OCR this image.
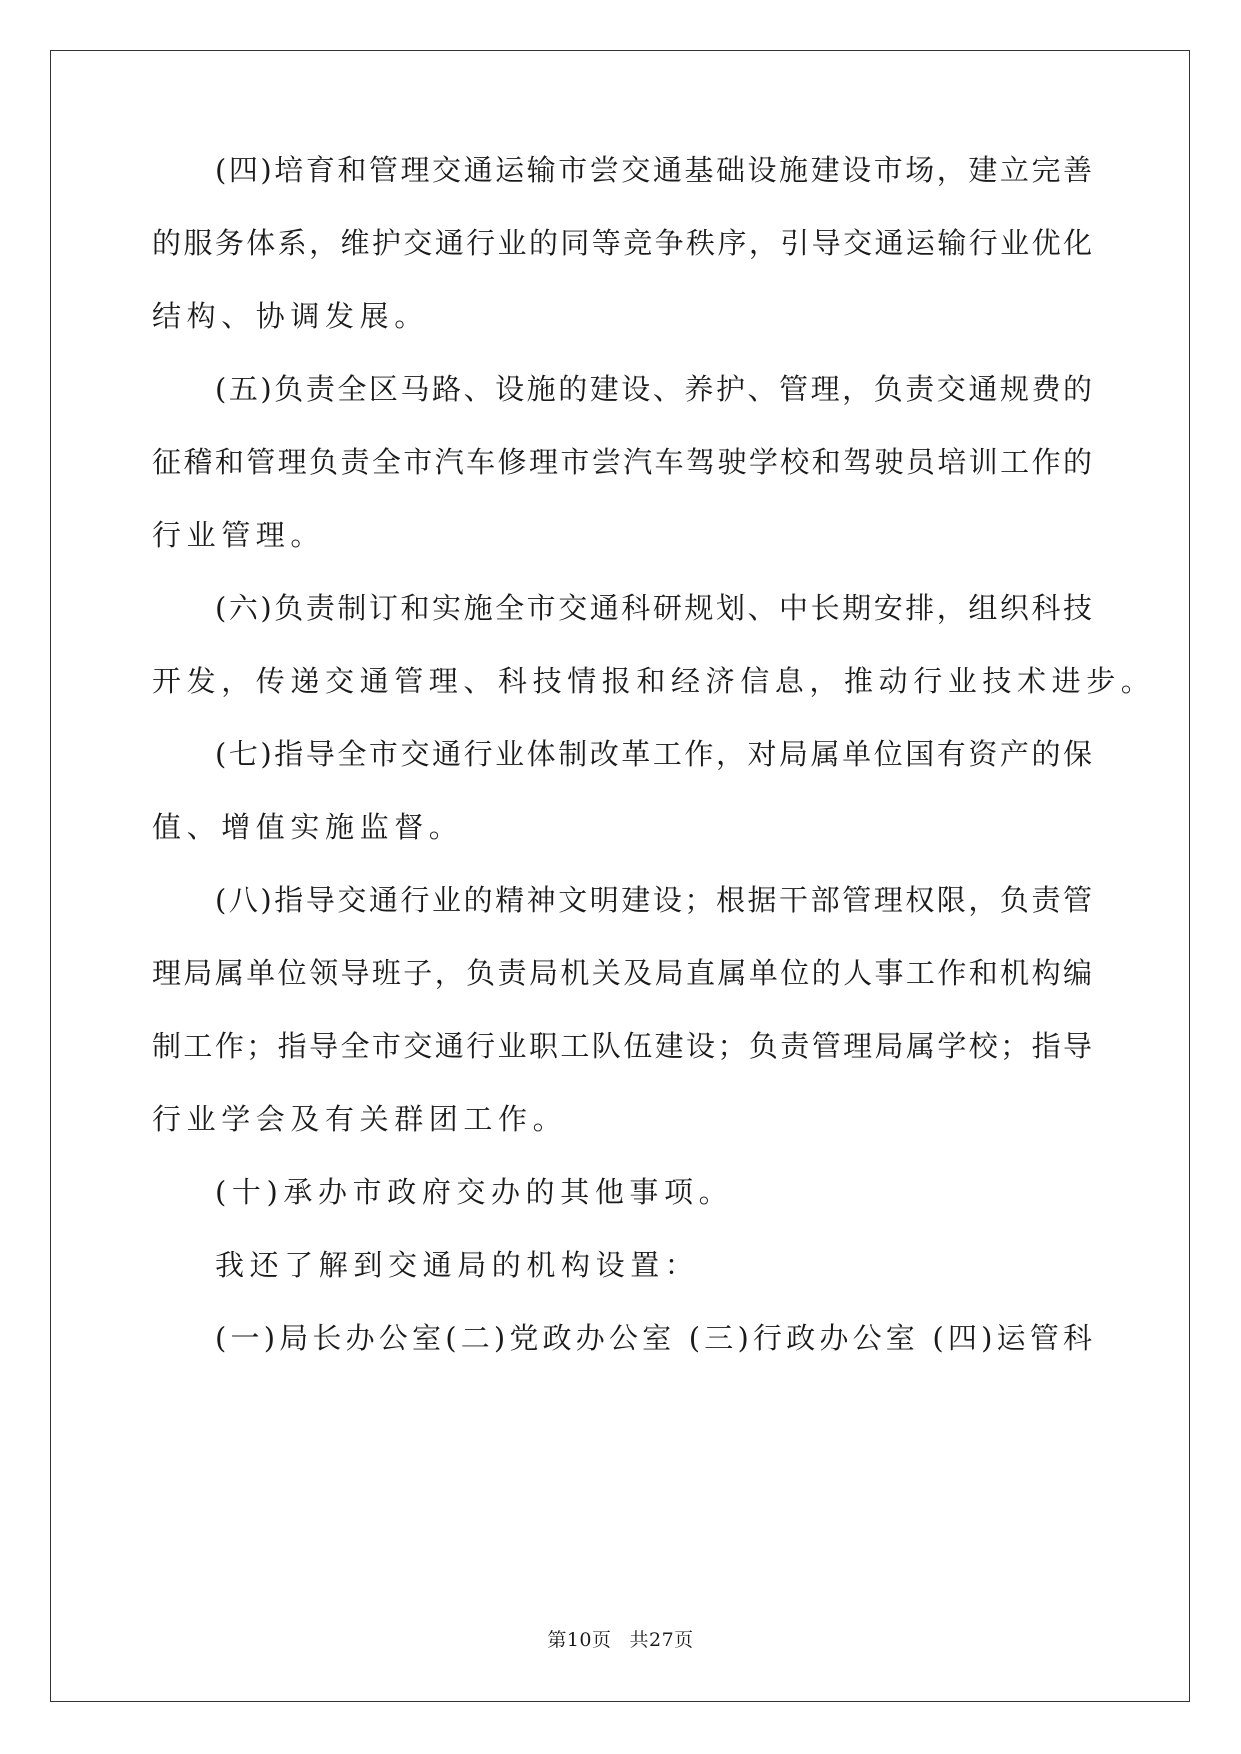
(四)培育和管理交通运输市尝交通基础设施建设市场，建立完善
的服务体系，维护交通行业的同等竞争秩序，引导交通运输行业优化
结构、协调发展。
(五)负责全区马路、设施的建设、养护、管理，负责交通规费的
征稽和管理负责全市汽车修理市尝汽车驾驶学校和驾驶员培训工作的
行业管理。
(六)负责制订和实施全市交通科研规划、中长期安排，组织科技
开发，传递交通管理、科技情报和经济信息，推动行业技术进步。
(七)指导全市交通行业体制改革工作，对局属单位国有资产的保
值、增值实施监督。
(八)指导交通行业的精神文明建设；根据干部管理权限，负责管
理局属单位领导班子，负责局机关及局直属单位的人事工作和机构编
制工作；指导全市交通行业职工队伍建设；负责管理局属学校；指导
行业学会及有关群团工作。
(十)承办市政府交办的其他事项。
我还了解到交通局的机构设置：
(一)局长办公室(二)党政办公室 (三)行政办公室 (四)运管科
第10页 共27页
